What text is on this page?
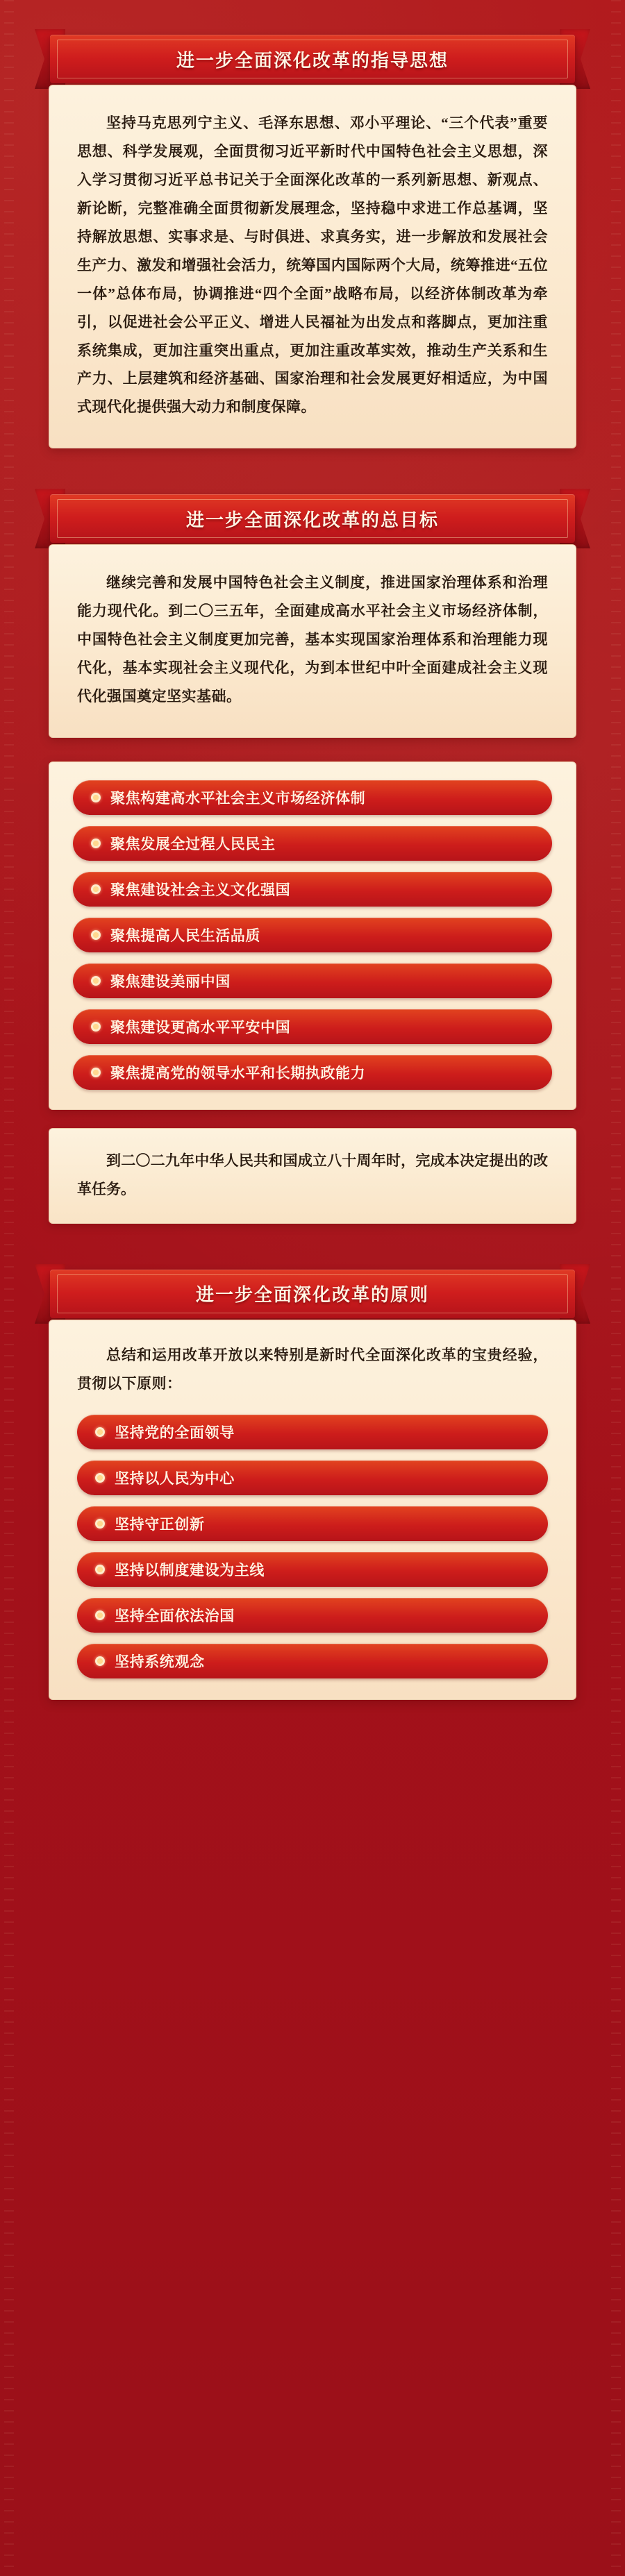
进一步全面深化改革的指导思想

坚持马克思列宁主义、毛泽东思想、邓小平理论、“三个代表”重要思想、科学发展观，全面贯彻习近平新时代中国特色社会主义思想，深入学习贯彻习近平总书记关于全面深化改革的一系列新思想、新观点、新论断，完整准确全面贯彻新发展理念，坚持稳中求进工作总基调，坚持解放思想、实事求是、与时俱进、求真务实，进一步解放和发展社会生产力、激发和增强社会活力，统筹国内国际两个大局，统筹推进“五位一体”总体布局，协调推进“四个全面”战略布局，以经济体制改革为牵引，以促进社会公平正义、增进人民福祉为出发点和落脚点，更加注重系统集成，更加注重突出重点，更加注重改革实效，推动生产关系和生产力、上层建筑和经济基础、国家治理和社会发展更好相适应，为中国式现代化提供强大动力和制度保障。

进一步全面深化改革的总目标

继续完善和发展中国特色社会主义制度，推进国家治理体系和治理能力现代化。到二〇三五年，全面建成高水平社会主义市场经济体制，中国特色社会主义制度更加完善，基本实现国家治理体系和治理能力现代化，基本实现社会主义现代化，为到本世纪中叶全面建成社会主义现代化强国奠定坚实基础。

聚焦构建高水平社会主义市场经济体制
聚焦发展全过程人民民主
聚焦建设社会主义文化强国
聚焦提高人民生活品质
聚焦建设美丽中国
聚焦建设更高水平平安中国
聚焦提高党的领导水平和长期执政能力

到二〇二九年中华人民共和国成立八十周年时，完成本决定提出的改革任务。

进一步全面深化改革的原则

总结和运用改革开放以来特别是新时代全面深化改革的宝贵经验，贯彻以下原则：

坚持党的全面领导
坚持以人民为中心
坚持守正创新
坚持以制度建设为主线
坚持全面依法治国
坚持系统观念
